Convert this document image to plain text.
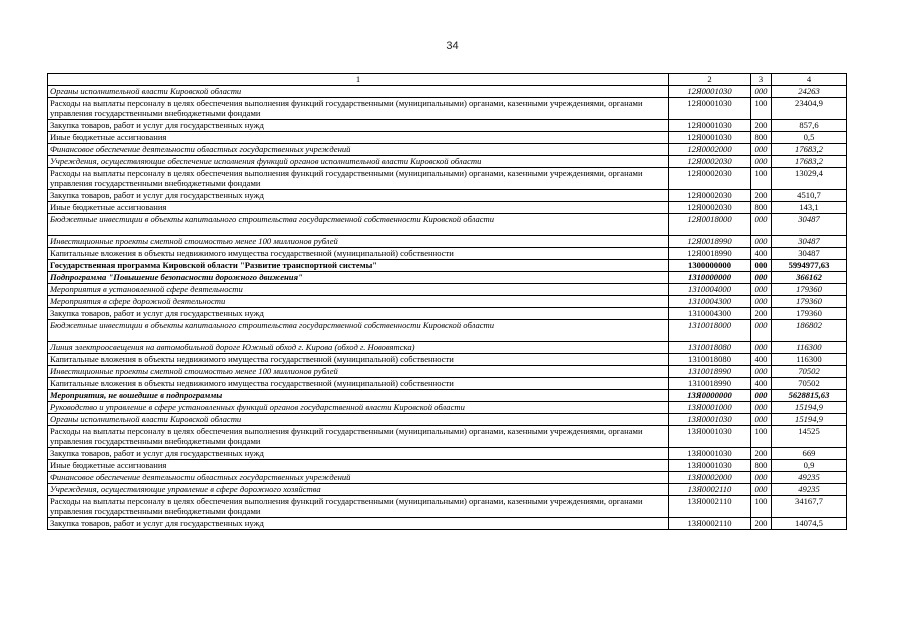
34
1	2	3	4
Органы исполнительной власти Кировской области	12Я0001030	000	24263
Расходы на выплаты персоналу в целях обеспечения выполнения функций государственными (муниципальными) органами, казенными учреждениями, органами управления государственными внебюджетными фондами	12Я0001030	100	23404,9
Закупка товаров, работ и услуг для государственных нужд	12Я0001030	200	857,6
Иные бюджетные ассигнования	12Я0001030	800	0,5
Финансовое обеспечение деятельности областных государственных учреждений	12Я0002000	000	17683,2
Учреждения, осуществляющие обеспечение исполнения функций органов исполнительной власти Кировской области	12Я0002030	000	17683,2
Расходы на выплаты персоналу в целях обеспечения выполнения функций государственными (муниципальными) органами, казенными учреждениями, органами управления государственными внебюджетными фондами	12Я0002030	100	13029,4
Закупка товаров, работ и услуг для государственных нужд	12Я0002030	200	4510,7
Иные бюджетные ассигнования	12Я0002030	800	143,1
Бюджетные инвестиции в объекты капитального строительства государственной собственности Кировской области	12Я0018000	000	30487
Инвестиционные проекты сметной стоимостью менее 100 миллионов рублей	12Я0018990	000	30487
Капитальные вложения в объекты недвижимого имущества государственной (муниципальной) собственности	12Я0018990	400	30487
Государственная программа Кировской области "Развитие транспортной системы"	1300000000	000	5994977,63
Подпрограмма "Повышение безопасности дорожного движения"	1310000000	000	366162
Мероприятия в установленной сфере деятельности	1310004000	000	179360
Мероприятия в сфере дорожной деятельности	1310004300	000	179360
Закупка товаров, работ и услуг для государственных нужд	1310004300	200	179360
Бюджетные инвестиции в объекты капитального строительства государственной собственности Кировской области	1310018000	000	186802
Линия электроосвещения на автомобильной дороге Южный обход г. Кирова (обход г. Нововятска)	1310018080	000	116300
Капитальные вложения в объекты недвижимого имущества государственной (муниципальной) собственности	1310018080	400	116300
Инвестиционные проекты сметной стоимостью менее 100 миллионов рублей	1310018990	000	70502
Капитальные вложения в объекты недвижимого имущества государственной (муниципальной) собственности	1310018990	400	70502
Мероприятия, не вошедшие в подпрограммы	13Я0000000	000	5628815,63
Руководство и управление в сфере установленных функций органов государственной власти Кировской области	13Я0001000	000	15194,9
Органы исполнительной власти Кировской области	13Я0001030	000	15194,9
Расходы на выплаты персоналу в целях обеспечения выполнения функций государственными (муниципальными) органами, казенными учреждениями, органами управления государственными внебюджетными фондами	13Я0001030	100	14525
Закупка товаров, работ и услуг для государственных нужд	13Я0001030	200	669
Иные бюджетные ассигнования	13Я0001030	800	0,9
Финансовое обеспечение деятельности областных государственных учреждений	13Я0002000	000	49235
Учреждения, осуществляющие управление в сфере дорожного хозяйства	13Я0002110	000	49235
Расходы на выплаты персоналу в целях обеспечения выполнения функций государственными (муниципальными) органами, казенными учреждениями, органами управления государственными внебюджетными фондами	13Я0002110	100	34167,7
Закупка товаров, работ и услуг для государственных нужд	13Я0002110	200	14074,5
